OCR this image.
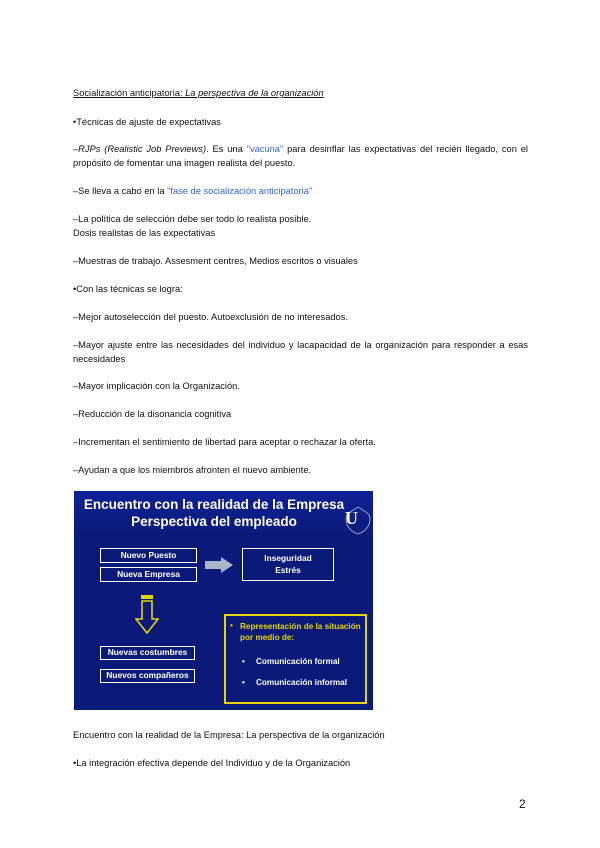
Socialización anticipatoria: La perspectiva de la organización
•Técnicas de ajuste de expectativas
–RJPs (Realistic Job Previews). Es una "vacuna" para desinflar las expectativas del recién llegado, con el propósito de fomentar una imagen realista del puesto.
–Se lleva a cabo en la "fase de socialización anticipatoria"
–La política de selección debe ser todo lo realista posible.
Dosis realistas de las expectativas
–Muestras de trabajo. Assesment centres, Medios escritos o visuales
•Con las técnicas se logra:
–Mejor autoselección del puesto. Autoexclusión de no interesados.
–Mayor ajuste entre las necesidades del individuo y lacapacidad de la organización para responder a esas necesidades
–Mayor implicación con la Organización.
–Reducción de la disonancia cognitiva
–Incrementan el sentimiento de libertad para aceptar o rechazar la oferta.
–Ayudan a que los miembros afronten el nuevo ambiente.
Encuentro con la realidad de la Empresa
Perspectiva del empleado	U
Nuevo Puesto
Nueva Empresa
Inseguridad
Estrés
Nuevas costumbres
Nuevos compañeros
• Representación de la situación por medio de:
• Comunicación formal
• Comunicación informal
Encuentro con la realidad de la Empresa: La perspectiva de la organización
•La integración efectiva depende del Individuo y de la Organización
2
